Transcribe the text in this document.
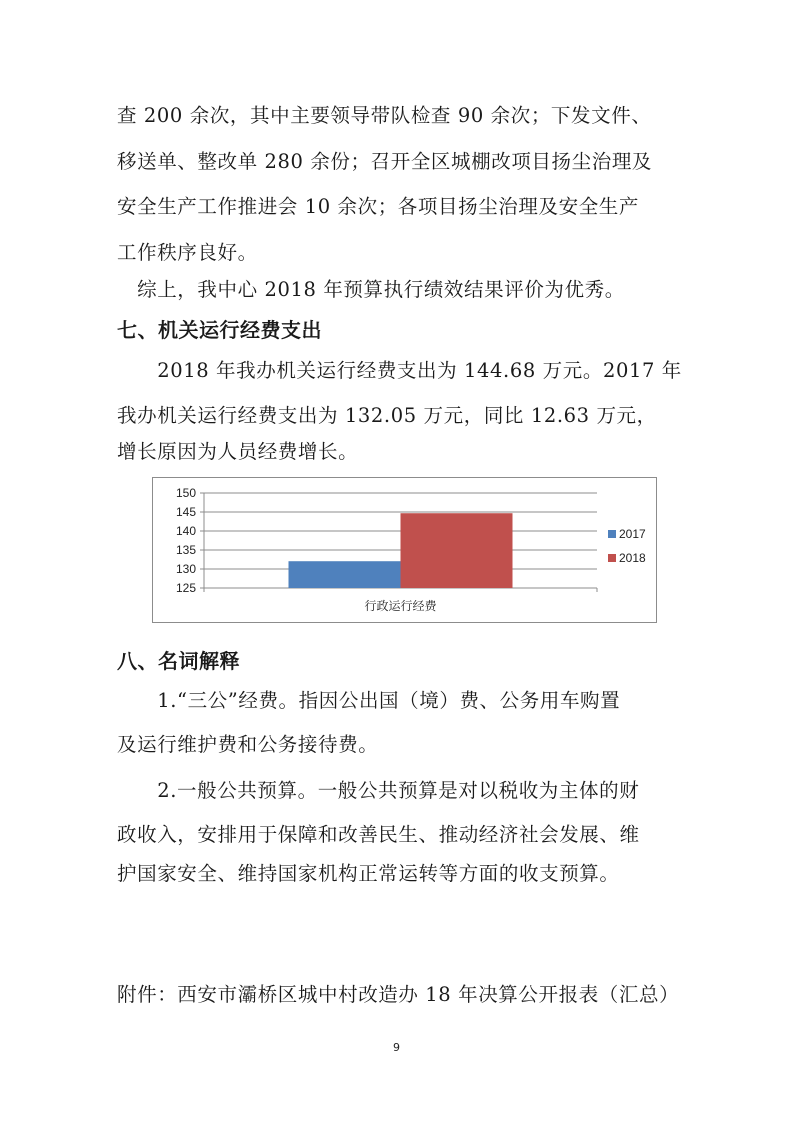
查 200 余次，其中主要领导带队检查 90 余次；下发文件、
移送单、整改单 280 余份；召开全区城棚改项目扬尘治理及
安全生产工作推进会 10 余次；各项目扬尘治理及安全生产
工作秩序良好。
　综上，我中心 2018 年预算执行绩效结果评价为优秀。
七、机关运行经费支出
　　2018 年我办机关运行经费支出为 144.68 万元。2017 年
我办机关运行经费支出为 132.05 万元，同比 12.63 万元，
增长原因为人员经费增长。
150
145
140
135
130
125
行政运行经费
2017
2018
八、名词解释
　　1.“三公”经费。指因公出国（境）费、公务用车购置
及运行维护费和公务接待费。
　　2.一般公共预算。一般公共预算是对以税收为主体的财
政收入，安排用于保障和改善民生、推动经济社会发展、维
护国家安全、维持国家机构正常运转等方面的收支预算。
附件：西安市灞桥区城中村改造办 18 年决算公开报表（汇总）
9
